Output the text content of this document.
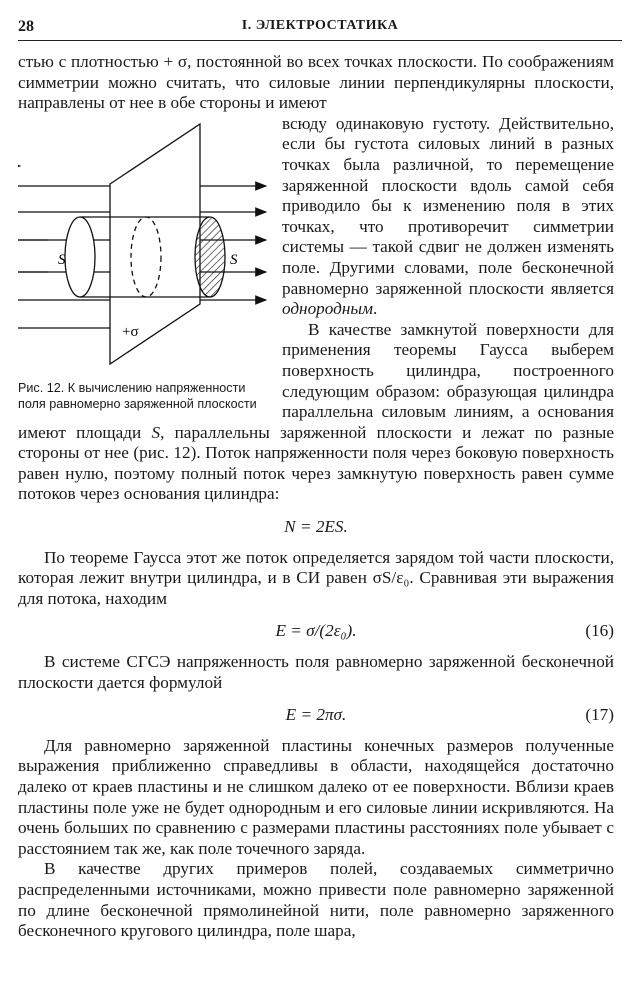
28	I. ЭЛЕКТРОСТАТИКА

стью с плотностью + σ, постоянной во всех точках плоскости. По соображениям симметрии можно считать, что силовые линии перпендикулярны плоскости, направлены от нее в обе стороны и имеют

S	S
+σ
Рис. 12. К вычислению напряженности поля равномерно заряженной плоскости

всюду одинаковую густоту. Действительно, если бы густота силовых линий в разных точках была различной, то перемещение заряженной плоскости вдоль самой себя приводило бы к изменению поля в этих точках, что противоречит симметрии системы — такой сдвиг не должен изменять поле. Другими словами, поле бесконечной равномерно заряженной плоскости является однородным.

В качестве замкнутой поверхности для применения теоремы Гаусса выберем поверхность цилиндра, построенного следующим образом: образующая цилиндра параллельна силовым линиям, а основания имеют площади S, параллельны заряженной плоскости и лежат по разные стороны от нее (рис. 12). Поток напряженности поля через боковую поверхность равен нулю, поэтому полный поток через замкнутую поверхность равен сумме потоков через основания цилиндра:

N = 2ES.

По теореме Гаусса этот же поток определяется зарядом той части плоскости, которая лежит внутри цилиндра, и в СИ равен σS/ε₀. Сравнивая эти выражения для потока, находим

E = σ/(2ε₀).	(16)

В системе СГСЭ напряженность поля равномерно заряженной бесконечной плоскости дается формулой

E = 2πσ.	(17)

Для равномерно заряженной пластины конечных размеров полученные выражения приближенно справедливы в области, находящейся достаточно далеко от краев пластины и не слишком далеко от ее поверхности. Вблизи краев пластины поле уже не будет однородным и его силовые линии искривляются. На очень больших по сравнению с размерами пластины расстояниях поле убывает с расстоянием так же, как поле точечного заряда.

В качестве других примеров полей, создаваемых симметрично распределенными источниками, можно привести поле равномерно заряженной по длине бесконечной прямолинейной нити, поле равномерно заряженного бесконечного кругового цилиндра, поле шара,
